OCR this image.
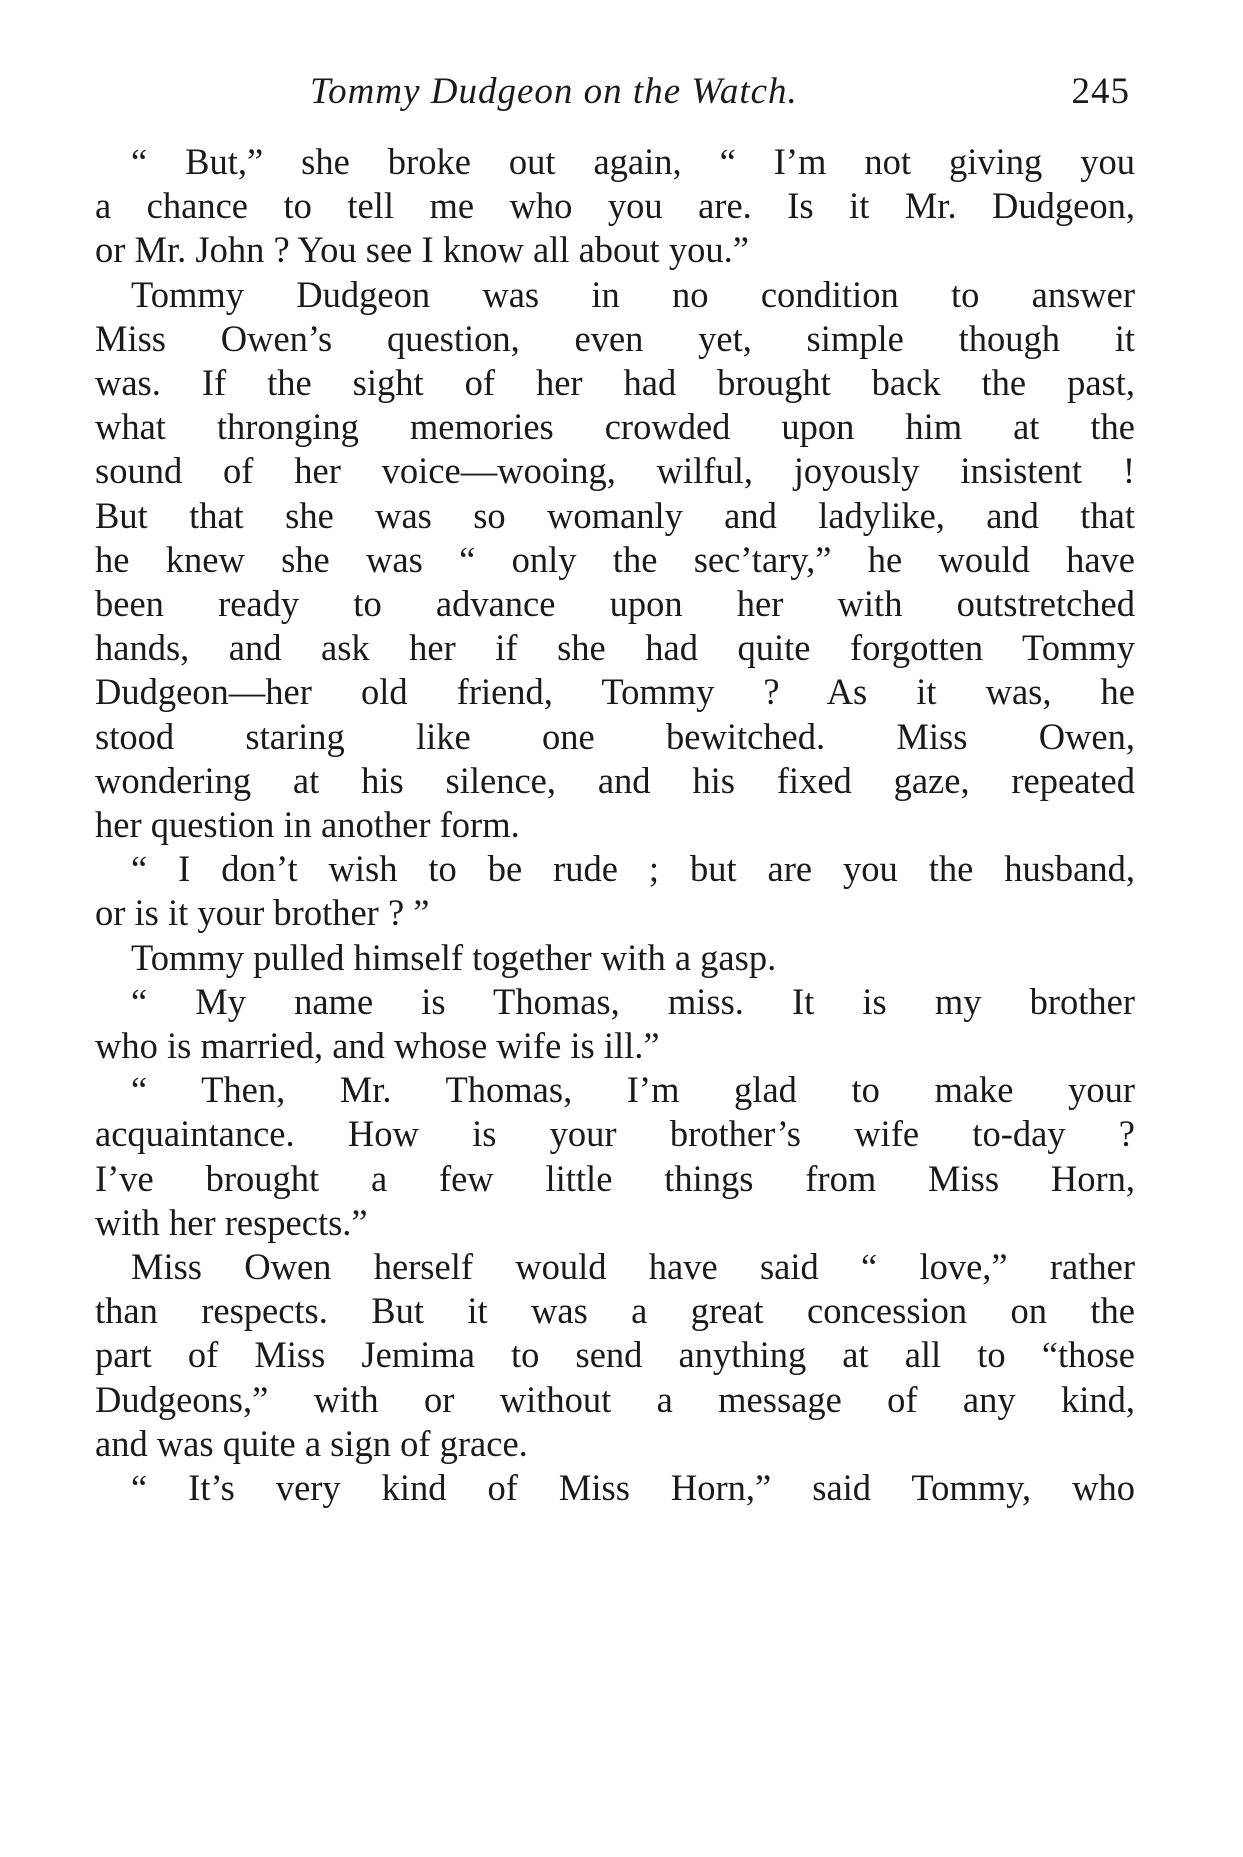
Tommy Dudgeon on the Watch.	245
“ But,” she broke out again, “ I’m not giving you
a chance to tell me who you are. Is it Mr. Dudgeon,
or Mr. John ? You see I know all about you.”
Tommy Dudgeon was in no condition to answer
Miss Owen’s question, even yet, simple though it
was. If the sight of her had brought back the past,
what thronging memories crowded upon him at the
sound of her voice—wooing, wilful, joyously insistent !
But that she was so womanly and ladylike, and that
he knew she was “ only the sec’tary,” he would have
been ready to advance upon her with outstretched
hands, and ask her if she had quite forgotten Tommy
Dudgeon—her old friend, Tommy ? As it was, he
stood staring like one bewitched. Miss Owen,
wondering at his silence, and his fixed gaze, repeated
her question in another form.
“ I don’t wish to be rude ; but are you the husband,
or is it your brother ? ”
Tommy pulled himself together with a gasp.
“ My name is Thomas, miss. It is my brother
who is married, and whose wife is ill.”
“ Then, Mr. Thomas, I’m glad to make your
acquaintance. How is your brother’s wife to-day ?
I’ve brought a few little things from Miss Horn,
with her respects.”
Miss Owen herself would have said “ love,” rather
than respects. But it was a great concession on the
part of Miss Jemima to send anything at all to “those
Dudgeons,” with or without a message of any kind,
and was quite a sign of grace.
“ It’s very kind of Miss Horn,” said Tommy, who
